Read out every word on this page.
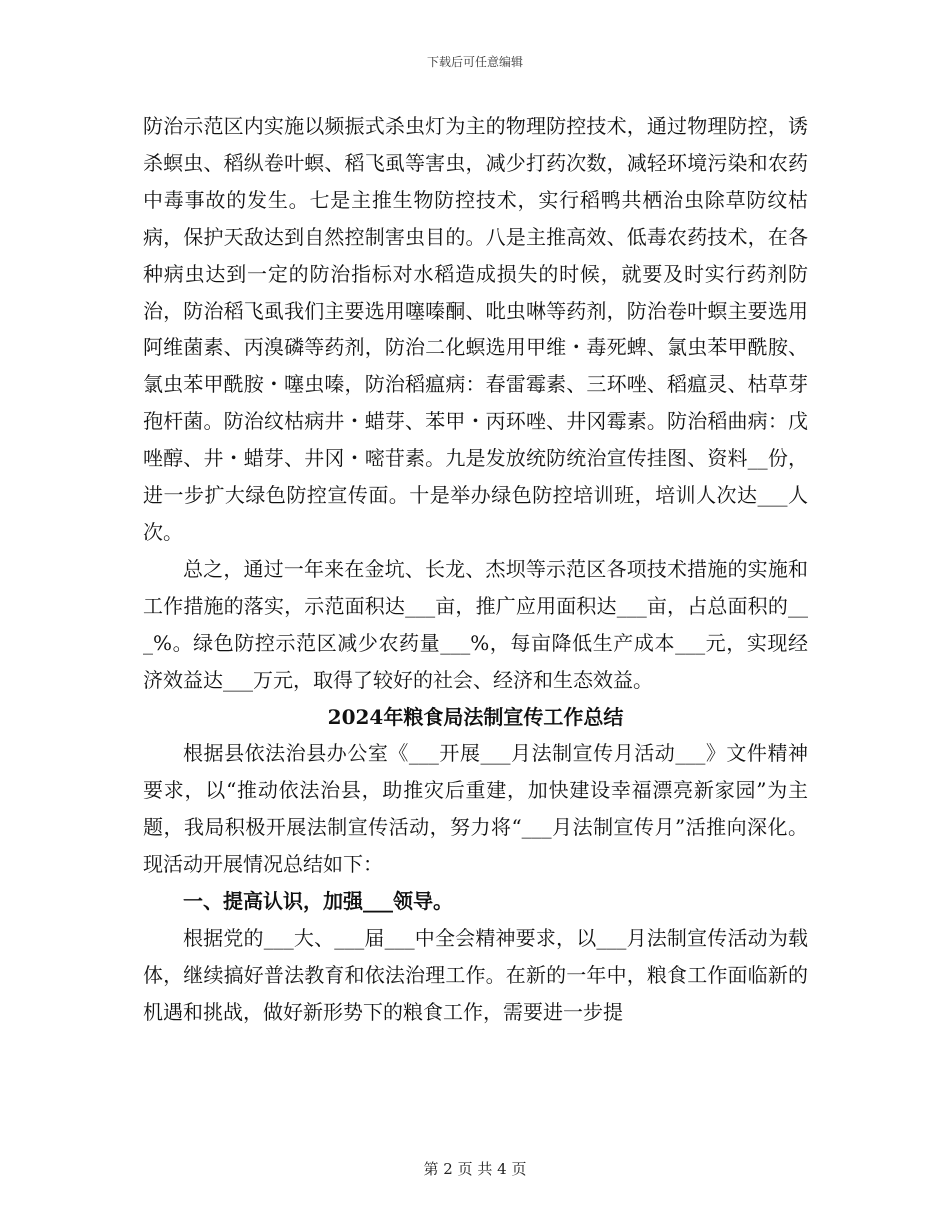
下载后可任意编辑

防治示范区内实施以频振式杀虫灯为主的物理防控技术，通过物理防控，诱杀螟虫、稻纵卷叶螟、稻飞虱等害虫，减少打药次数，减轻环境污染和农药中毒事故的发生。七是主推生物防控技术，实行稻鸭共栖治虫除草防纹枯病，保护天敌达到自然控制害虫目的。八是主推高效、低毒农药技术，在各种病虫达到一定的防治指标对水稻造成损失的时候，就要及时实行药剂防治，防治稻飞虱我们主要选用噻嗪酮、吡虫啉等药剂，防治卷叶螟主要选用阿维菌素、丙溴磷等药剂，防治二化螟选用甲维・毒死蜱、氯虫苯甲酰胺、氯虫苯甲酰胺・噻虫嗪，防治稻瘟病：春雷霉素、三环唑、稻瘟灵、枯草芽孢杆菌。防治纹枯病井・蜡芽、苯甲・丙环唑、井冈霉素。防治稻曲病：戊唑醇、井・蜡芽、井冈・嘧苷素。九是发放统防统治宣传挂图、资料__份，进一步扩大绿色防控宣传面。十是举办绿色防控培训班，培训人次达___人次。

总之，通过一年来在金坑、长龙、杰坝等示范区各项技术措施的实施和工作措施的落实，示范面积达___亩，推广应用面积达___亩，占总面积的___%。绿色防控示范区减少农药量___%，每亩降低生产成本___元，实现经济效益达___万元，取得了较好的社会、经济和生态效益。

2024年粮食局法制宣传工作总结

根据县依法治县办公室《___开展___月法制宣传月活动___》文件精神要求，以“推动依法治县，助推灾后重建，加快建设幸福漂亮新家园”为主题，我局积极开展法制宣传活动，努力将“___月法制宣传月”活推向深化。现活动开展情况总结如下：

一、提高认识，加强___领导。

根据党的___大、___届___中全会精神要求，以___月法制宣传活动为载体，继续搞好普法教育和依法治理工作。在新的一年中，粮食工作面临新的机遇和挑战，做好新形势下的粮食工作，需要进一步提

第 2 页 共 4 页
